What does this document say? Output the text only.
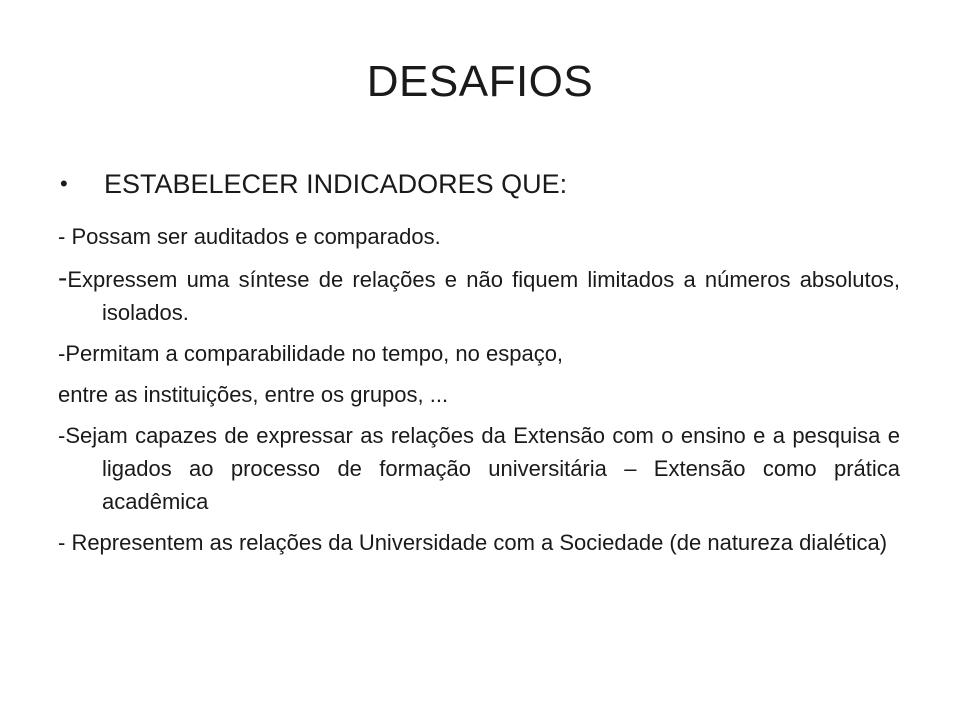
DESAFIOS
• ESTABELECER INDICADORES QUE:

- Possam ser auditados e comparados.

-Expressem uma síntese de relações e não fiquem limitados a números absolutos, isolados.

-Permitam a comparabilidade no tempo, no espaço,

entre as instituições, entre os grupos, ...

-Sejam capazes de expressar as relações da Extensão com o ensino e a pesquisa e ligados ao processo de formação universitária – Extensão como prática acadêmica

- Representem as relações da Universidade com a Sociedade (de natureza dialética)
